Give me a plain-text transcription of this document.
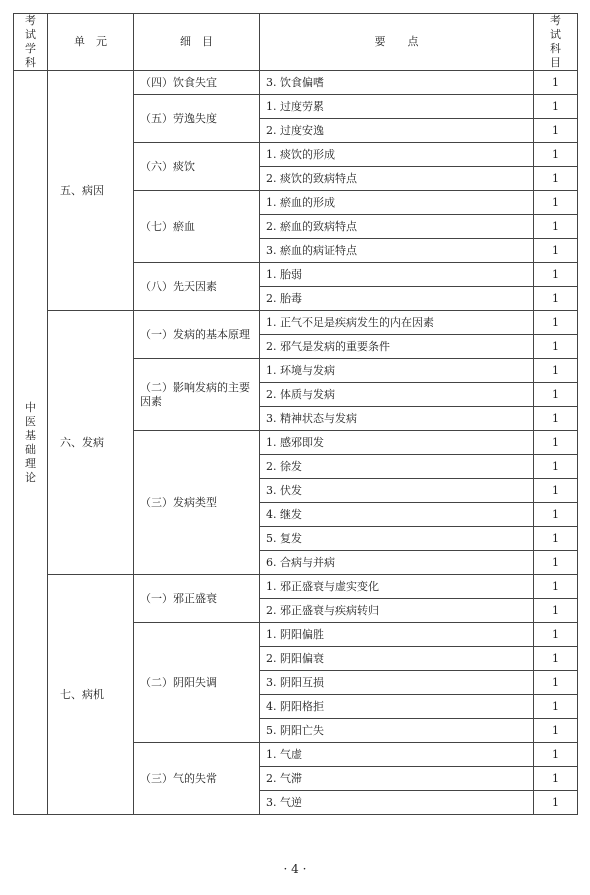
考试学科	单　元	细　目	要　　点	考试科目

中医基础理论	五、病因	（四）饮食失宜	3. 饮食偏嗜	1
		（五）劳逸失度	1. 过度劳累	1
			2. 过度安逸	1
		（六）痰饮	1. 痰饮的形成	1
			2. 痰饮的致病特点	1
		（七）瘀血	1. 瘀血的形成	1
			2. 瘀血的致病特点	1
			3. 瘀血的病证特点	1
		（八）先天因素	1. 胎弱	1
			2. 胎毒	1
	六、发病	（一）发病的基本原理	1. 正气不足是疾病发生的内在因素	1
			2. 邪气是发病的重要条件	1
		（二）影响发病的主要因素	1. 环境与发病	1
			2. 体质与发病	1
			3. 精神状态与发病	1
		（三）发病类型	1. 感邪即发	1
			2. 徐发	1
			3. 伏发	1
			4. 继发	1
			5. 复发	1
			6. 合病与并病	1
	七、病机	（一）邪正盛衰	1. 邪正盛衰与虚实变化	1
			2. 邪正盛衰与疾病转归	1
		（二）阴阳失调	1. 阴阳偏胜	1
			2. 阴阳偏衰	1
			3. 阴阳互损	1
			4. 阴阳格拒	1
			5. 阴阳亡失	1
		（三）气的失常	1. 气虚	1
			2. 气滞	1
			3. 气逆	1
· 4 ·
